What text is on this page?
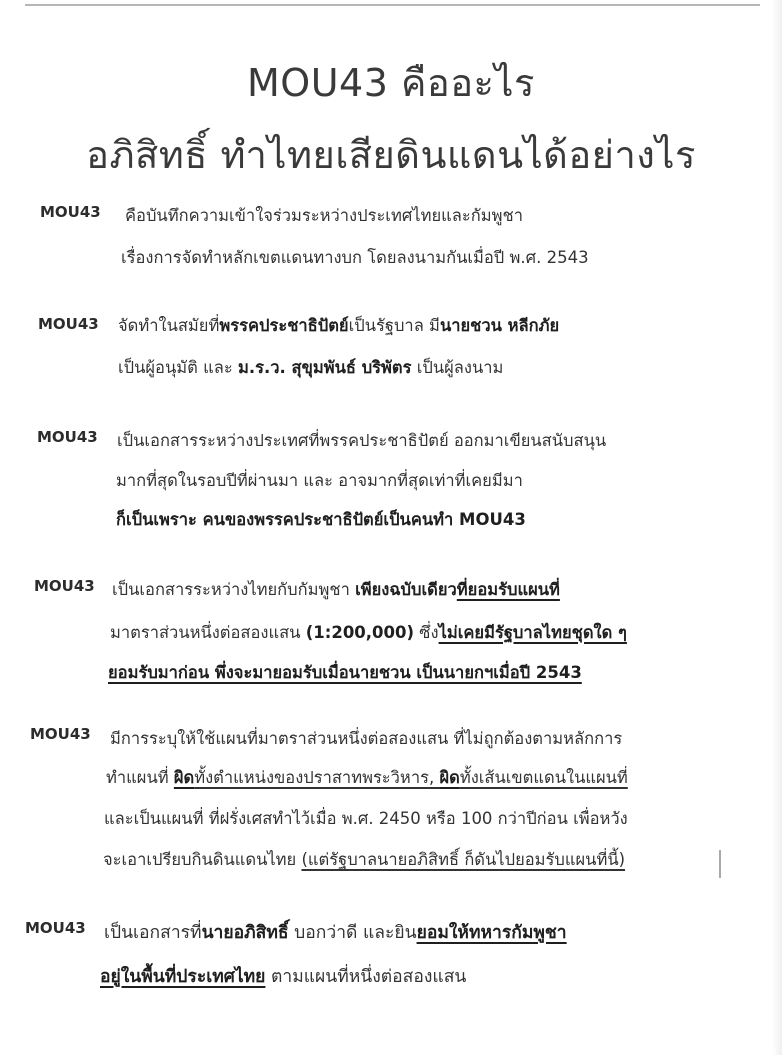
MOU43 คืออะไร
อภิสิทธิ์ ทำไทยเสียดินแดนได้อย่างไร
MOU43 คือบันทึกความเข้าใจร่วมระหว่างประเทศไทยและกัมพูชา
เรื่องการจัดทำหลักเขตแดนทางบก โดยลงนามกันเมื่อปี พ.ศ. 2543
MOU43 จัดทำในสมัยที่พรรคประชาธิปัตย์เป็นรัฐบาล มีนายชวน หลีกภัย
เป็นผู้อนุมัติ และ ม.ร.ว. สุขุมพันธ์ บริพัตร เป็นผู้ลงนาม
MOU43 เป็นเอกสารระหว่างประเทศที่พรรคประชาธิปัตย์ ออกมาเขียนสนับสนุน
มากที่สุดในรอบปีที่ผ่านมา และ อาจมากที่สุดเท่าที่เคยมีมา
ก็เป็นเพราะ คนของพรรคประชาธิปัตย์เป็นคนทำ MOU43
MOU43 เป็นเอกสารระหว่างไทยกับกัมพูชา เพียงฉบับเดียวที่ยอมรับแผนที่
มาตราส่วนหนึ่งต่อสองแสน (1:200,000) ซึ่งไม่เคยมีรัฐบาลไทยชุดใด ๆ
ยอมรับมาก่อน พึ่งจะมายอมรับเมื่อนายชวน เป็นนายกฯเมื่อปี 2543
MOU43 มีการระบุให้ใช้แผนที่มาตราส่วนหนึ่งต่อสองแสน ที่ไม่ถูกต้องตามหลักการ
ทำแผนที่ ผิดทั้งตำแหน่งของปราสาทพระวิหาร, ผิดทั้งเส้นเขตแดนในแผนที่
และเป็นแผนที่ ที่ฝรั่งเศสทำไว้เมื่อ พ.ศ. 2450 หรือ 100 กว่าปีก่อน เพื่อหวัง
จะเอาเปรียบกินดินแดนไทย (แต่รัฐบาลนายอภิสิทธิ์ ก็ดันไปยอมรับแผนที่นี้)
MOU43 เป็นเอกสารที่นายอภิสิทธิ์ บอกว่าดี และยินยอมให้ทหารกัมพูชา
อยู่ในพื้นที่ประเทศไทย ตามแผนที่หนึ่งต่อสองแสน
